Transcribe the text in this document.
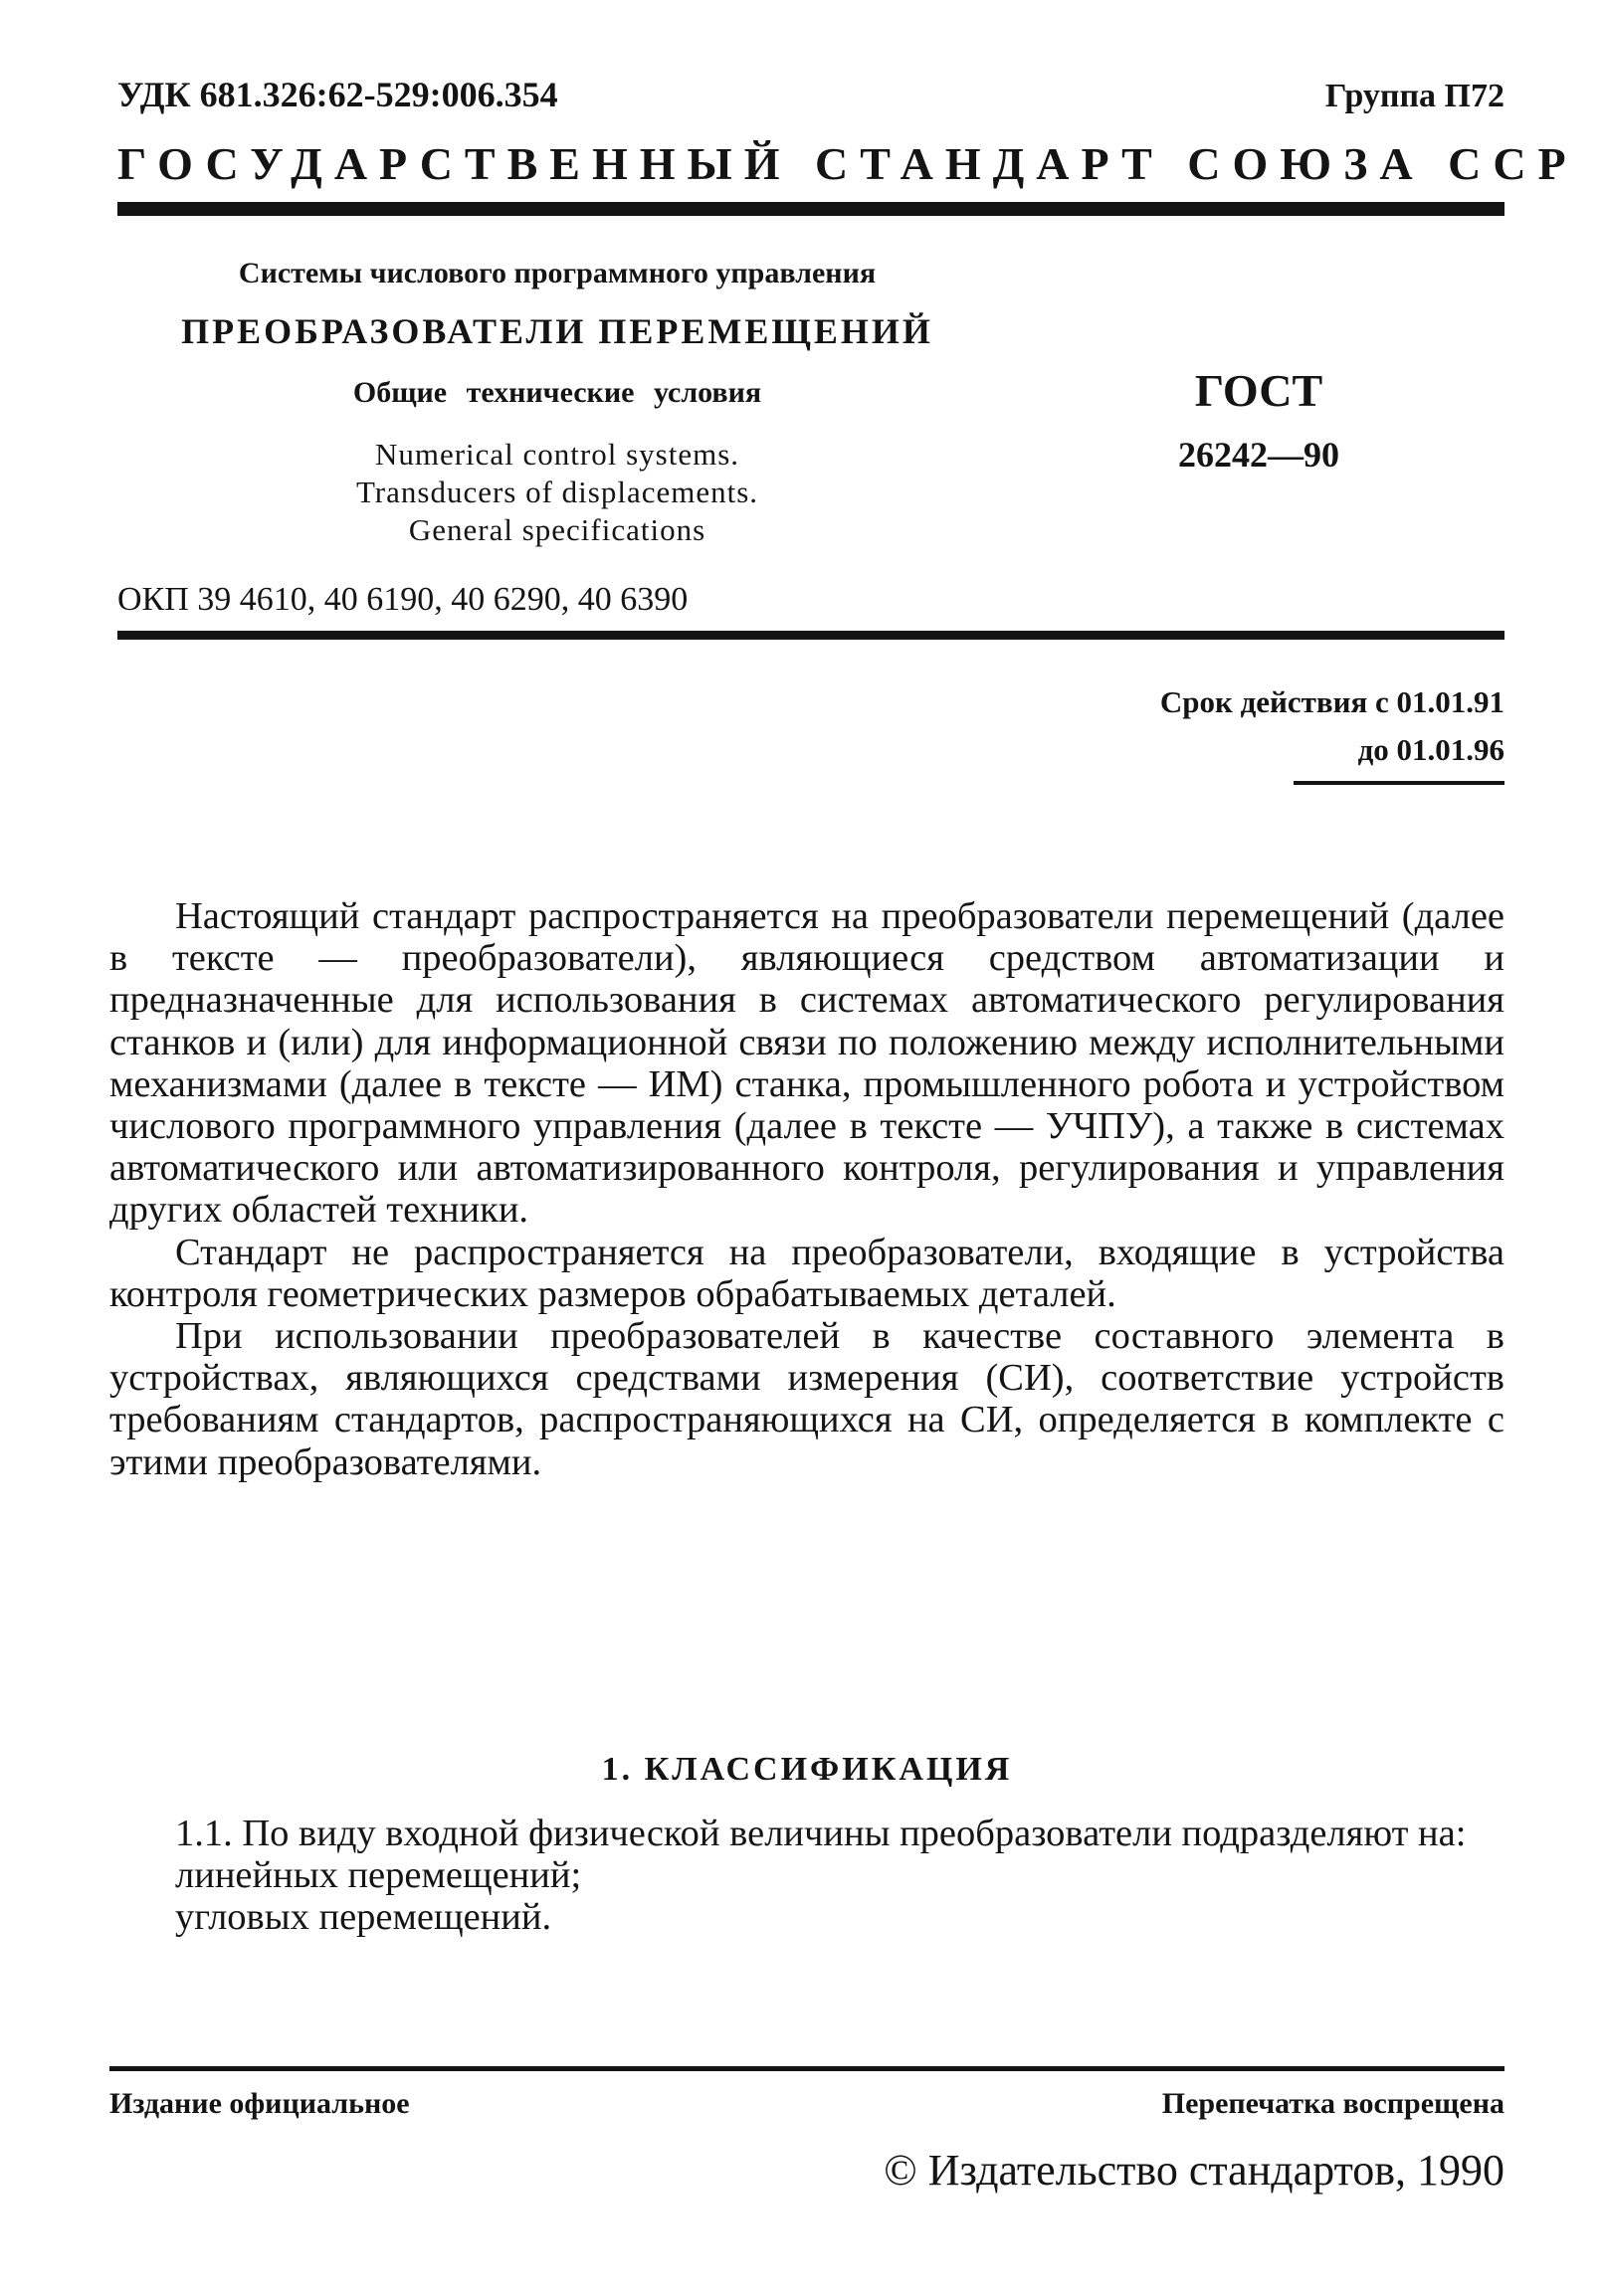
УДК 681.326:62-529:006.354	Группа П72
ГОСУДАРСТВЕННЫЙ СТАНДАРТ СОЮЗА ССР
Системы числового программного управления
ПРЕОБРАЗОВАТЕЛИ ПЕРЕМЕЩЕНИЙ
Общие технические условия
Numerical control systems.
Transducers of displacements.
General specifications
ГОСТ
26242—90
ОКП 39 4610, 40 6190, 40 6290, 40 6390
Срок действия с 01.01.91
до 01.01.96

Настоящий стандарт распространяется на преобразователи перемещений (далее в тексте — преобразователи), являющиеся средством автоматизации и предназначенные для использования в системах автоматического регулирования станков и (или) для информационной связи по положению между исполнительными механизмами (далее в тексте — ИМ) станка, промышленного робота и устройством числового программного управления (далее в тексте — УЧПУ), а также в системах автоматического или автоматизированного контроля, регулирования и управления других областей техники.

Стандарт не распространяется на преобразователи, входящие в устройства контроля геометрических размеров обрабатываемых деталей.

При использовании преобразователей в качестве составного элемента в устройствах, являющихся средствами измерения (СИ), соответствие устройств требованиям стандартов, распространяющихся на СИ, определяется в комплекте с этими преобразователями.

1. КЛАССИФИКАЦИЯ

1.1. По виду входной физической величины преобразователи подразделяют на:

линейных перемещений;

угловых перемещений.

Издание официальное	Перепечатка воспрещена
© Издательство стандартов, 1990
